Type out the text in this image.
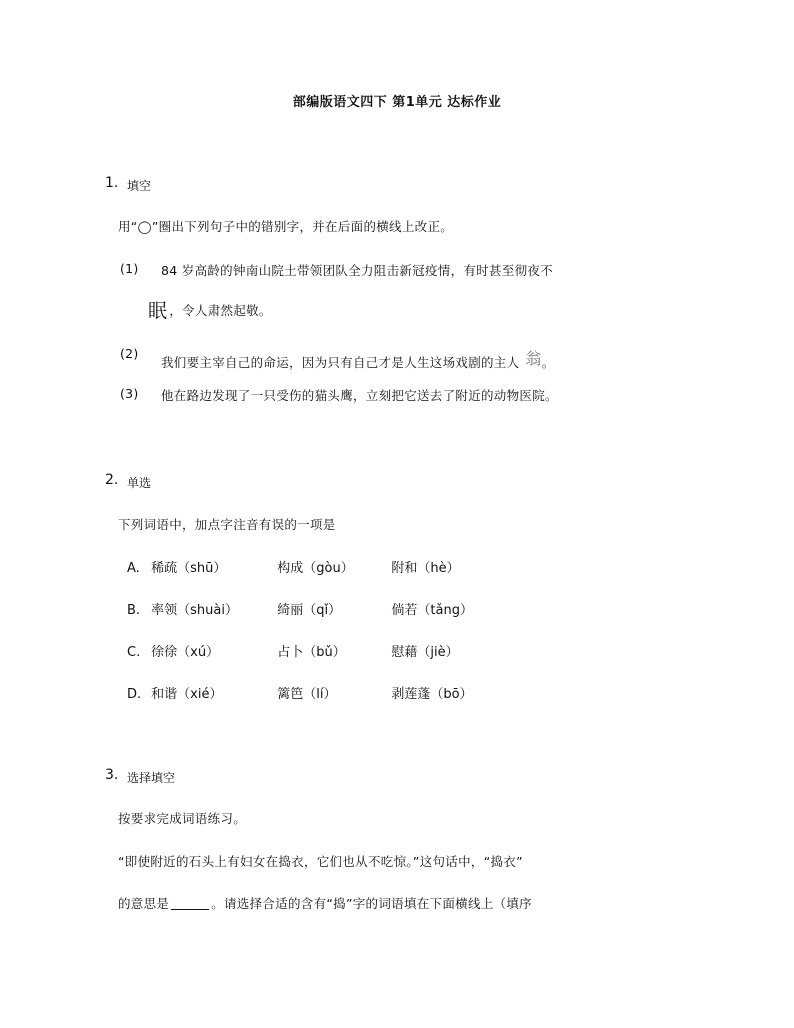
部编版语文四下 第1单元 达标作业
1. 填空
用“◯”圈出下列句子中的错别字，并在后面的横线上改正。
(1) 84 岁高龄的钟南山院土带领团队全力阻击新冠疫情，有时甚至彻夜不
眠 ，令人肃然起敬。
(2)
我们要主宰自己的命运，因为只有自己才是人生这场戏剧的主人 翁。
(3) 他在路边发现了一只受伤的猫头鹰，立刻把它送去了附近的动物医院。
2. 单选
下列词语中，加点字注音有误的一项是
A. 稀疏（shū）	构成（gòu）	附和（hè）
B. 率领（shuài）	绮丽（qǐ）	倘若（tǎng）
C. 徐徐（xú）	占卜（bǔ）	慰藉（jiè）
D. 和谐（xié）	篱笆（lí）	剥莲蓬（bō）
3. 选择填空
按要求完成词语练习。
“即使附近的石头上有妇女在捣衣，它们也从不吃惊。”这句话中，“捣衣”
的意思是	。请选择合适的含有“捣”字的词语填在下面横线上（填序
